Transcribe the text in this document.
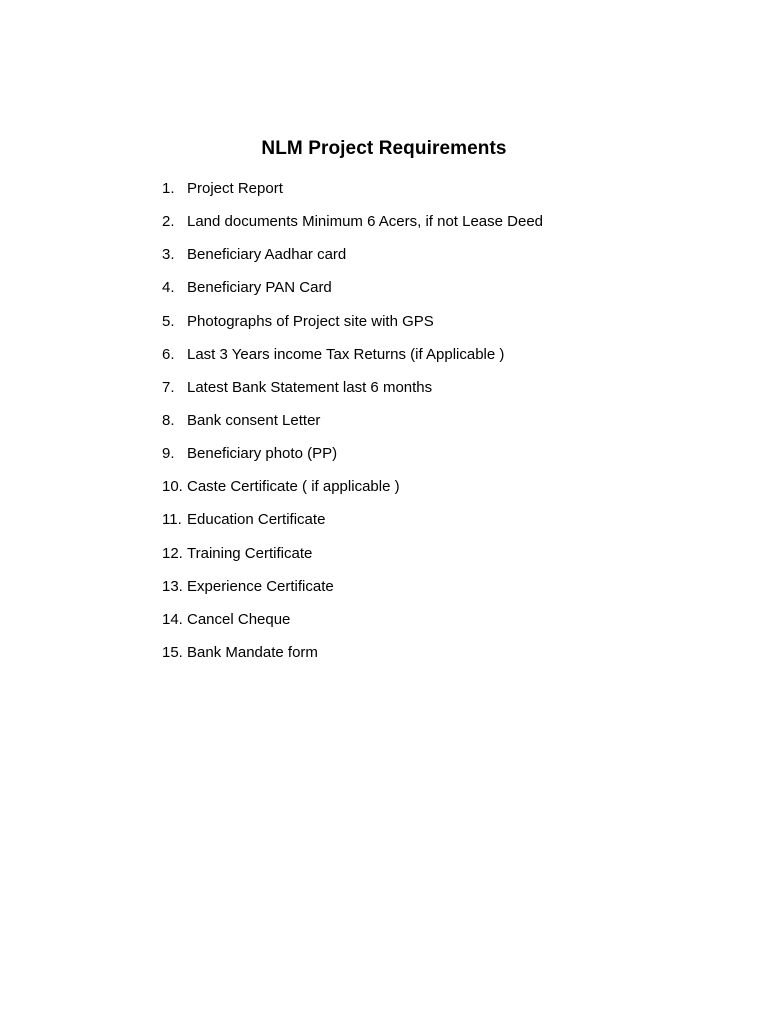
NLM Project Requirements
1. Project Report
2. Land documents Minimum 6 Acers, if not Lease Deed
3. Beneficiary Aadhar card
4. Beneficiary PAN Card
5. Photographs of Project site with GPS
6. Last 3 Years income Tax Returns (if Applicable )
7. Latest Bank Statement last 6 months
8. Bank consent Letter
9. Beneficiary photo (PP)
10. Caste Certificate ( if applicable )
11. Education Certificate
12. Training Certificate
13. Experience Certificate
14. Cancel Cheque
15. Bank Mandate form
